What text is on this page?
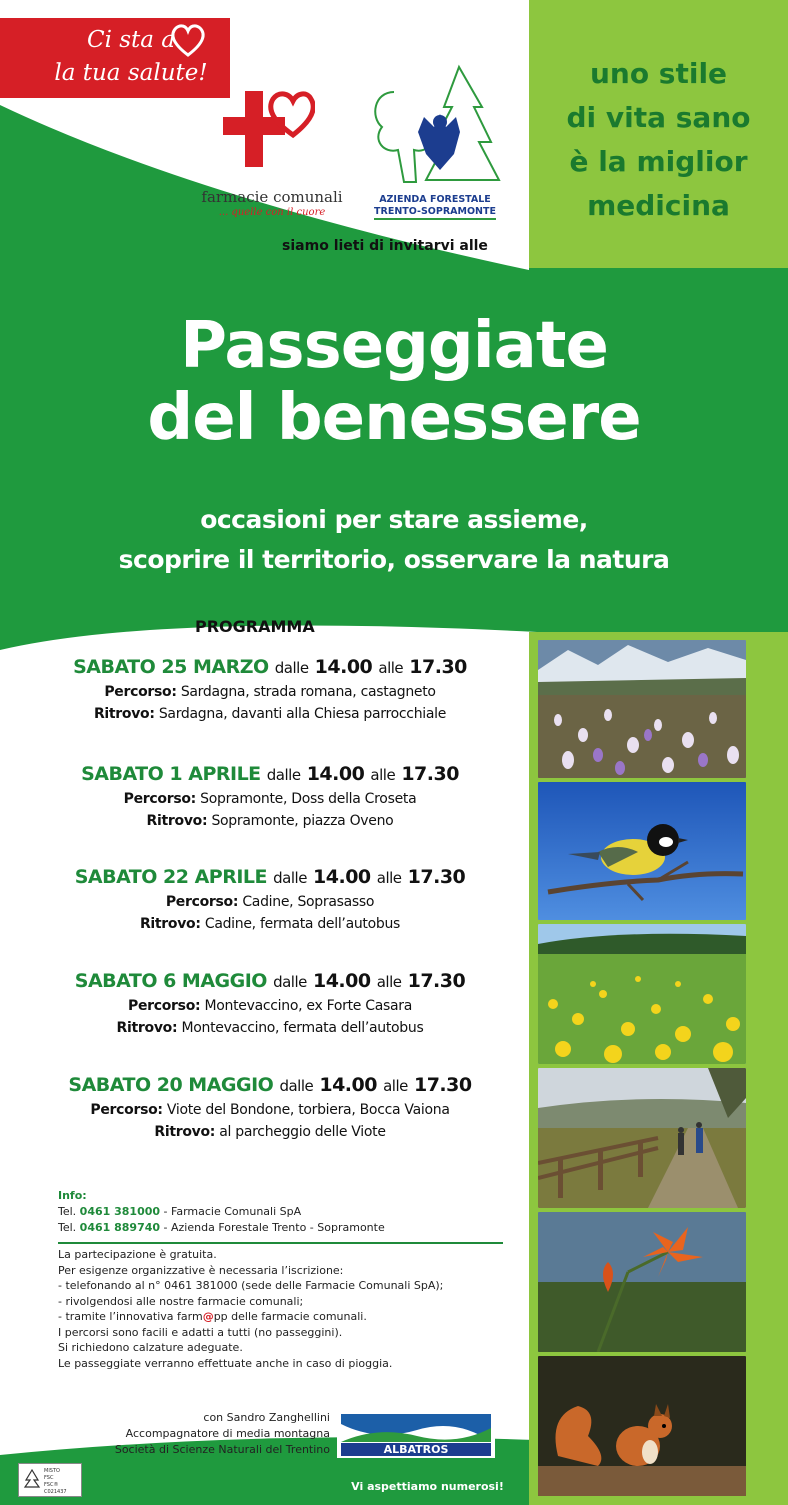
Ci sta a
la tua salute!
farmacie comunali
... quelle con il cuore
AZIENDA FORESTALE
TRENTO-SOPRAMONTE
uno stile
di vita sano
è la miglior
medicina
siamo lieti di invitarvi alle
Passeggiate
del benessere
occasioni per stare assieme,
scoprire il territorio, osservare la natura
PROGRAMMA
SABATO 25 MARZO dalle 14.00 alle 17.30
Percorso: Sardagna, strada romana, castagneto
Ritrovo: Sardagna, davanti alla Chiesa parrocchiale
SABATO 1 APRILE dalle 14.00 alle 17.30
Percorso: Sopramonte, Doss della Croseta
Ritrovo: Sopramonte, piazza Oveno
SABATO 22 APRILE dalle 14.00 alle 17.30
Percorso: Cadine, Soprasasso
Ritrovo: Cadine, fermata dell’autobus
SABATO 6 MAGGIO dalle 14.00 alle 17.30
Percorso: Montevaccino, ex Forte Casara
Ritrovo: Montevaccino, fermata dell’autobus
SABATO 20 MAGGIO dalle 14.00 alle 17.30
Percorso: Viote del Bondone, torbiera, Bocca Vaiona
Ritrovo: al parcheggio delle Viote
Info:
Tel. 0461 381000 - Farmacie Comunali SpA
Tel. 0461 889740 - Azienda Forestale Trento - Sopramonte
La partecipazione è gratuita.
Per esigenze organizzative è necessaria l’iscrizione:
- telefonando al n° 0461 381000 (sede delle Farmacie Comunali SpA);
- rivolgendosi alle nostre farmacie comunali;
- tramite l’innovativa farm@pp delle farmacie comunali.
I percorsi sono facili e adatti a tutti (no passeggini).
Si richiedono calzature adeguate.
Le passeggiate verranno effettuate anche in caso di pioggia.
con Sandro Zanghellini
Accompagnatore di media montagna
Società di Scienze Naturali del Trentino	ALBATROS
Vi aspettiamo numerosi!
MISTO
FSC
FSC® C021437
